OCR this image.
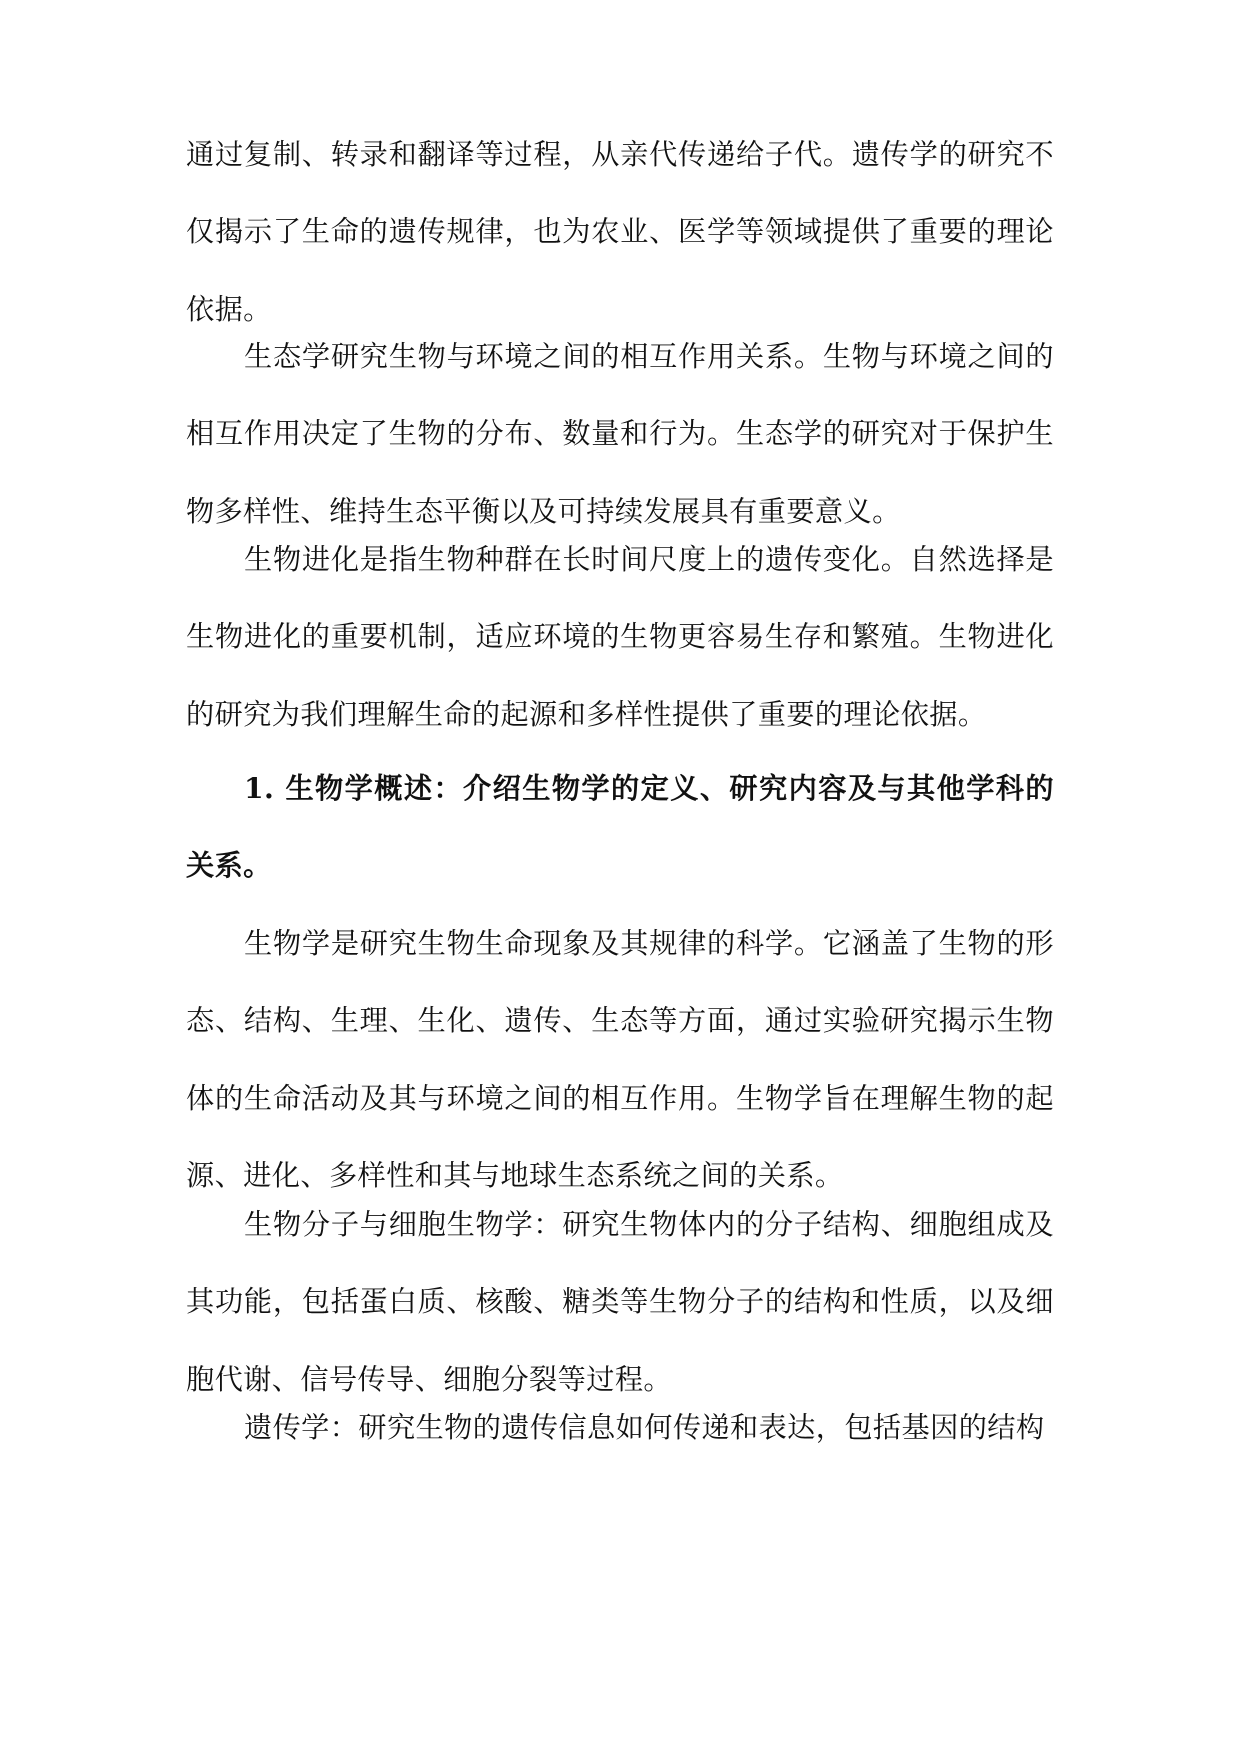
通过复制、转录和翻译等过程，从亲代传递给子代。遗传学的研究不仅揭示了生命的遗传规律，也为农业、医学等领域提供了重要的理论依据。

生态学研究生物与环境之间的相互作用关系。生物与环境之间的相互作用决定了生物的分布、数量和行为。生态学的研究对于保护生物多样性、维持生态平衡以及可持续发展具有重要意义。

生物进化是指生物种群在长时间尺度上的遗传变化。自然选择是生物进化的重要机制，适应环境的生物更容易生存和繁殖。生物进化的研究为我们理解生命的起源和多样性提供了重要的理论依据。

1. 生物学概述：介绍生物学的定义、研究内容及与其他学科的关系。

生物学是研究生物生命现象及其规律的科学。它涵盖了生物的形态、结构、生理、生化、遗传、生态等方面，通过实验研究揭示生物体的生命活动及其与环境之间的相互作用。生物学旨在理解生物的起源、进化、多样性和其与地球生态系统之间的关系。

生物分子与细胞生物学：研究生物体内的分子结构、细胞组成及其功能，包括蛋白质、核酸、糖类等生物分子的结构和性质，以及细胞代谢、信号传导、细胞分裂等过程。

遗传学：研究生物的遗传信息如何传递和表达，包括基因的结构
